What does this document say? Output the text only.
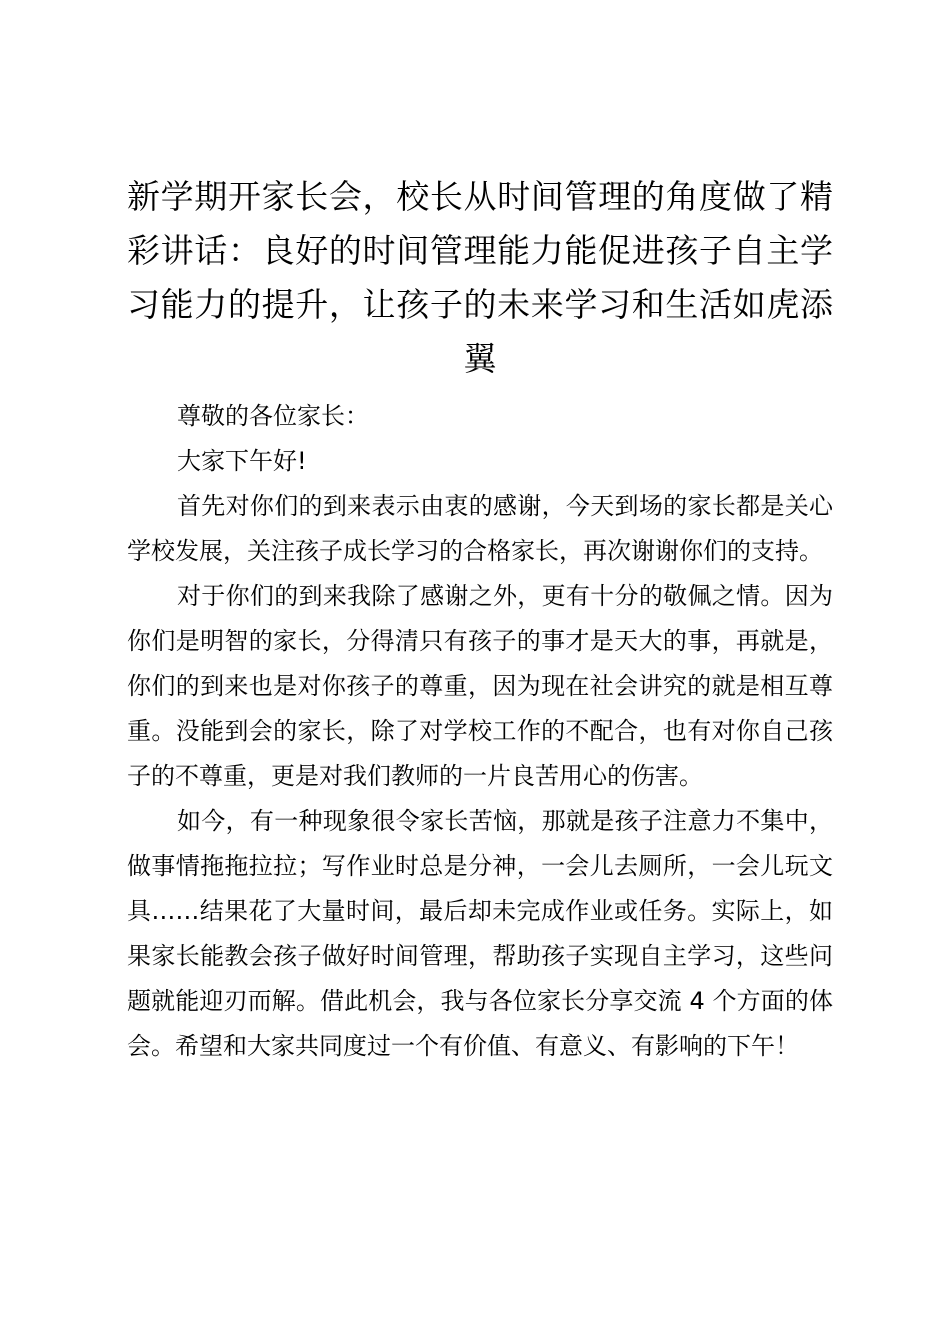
新学期开家长会，校长从时间管理的角度做了精彩讲话：良好的时间管理能力能促进孩子自主学习能力的提升，让孩子的未来学习和生活如虎添翼

尊敬的各位家长：

大家下午好!

首先对你们的到来表示由衷的感谢，今天到场的家长都是关心学校发展，关注孩子成长学习的合格家长，再次谢谢你们的支持。

对于你们的到来我除了感谢之外，更有十分的敬佩之情。因为你们是明智的家长，分得清只有孩子的事才是天大的事，再就是，你们的到来也是对你孩子的尊重，因为现在社会讲究的就是相互尊重。没能到会的家长，除了对学校工作的不配合，也有对你自己孩子的不尊重，更是对我们教师的一片良苦用心的伤害。

如今，有一种现象很令家长苦恼，那就是孩子注意力不集中，做事情拖拖拉拉；写作业时总是分神，一会儿去厕所，一会儿玩文具……结果花了大量时间，最后却未完成作业或任务。实际上，如果家长能教会孩子做好时间管理，帮助孩子实现自主学习，这些问题就能迎刃而解。借此机会，我与各位家长分享交流 4 个方面的体会。希望和大家共同度过一个有价值、有意义、有影响的下午！
